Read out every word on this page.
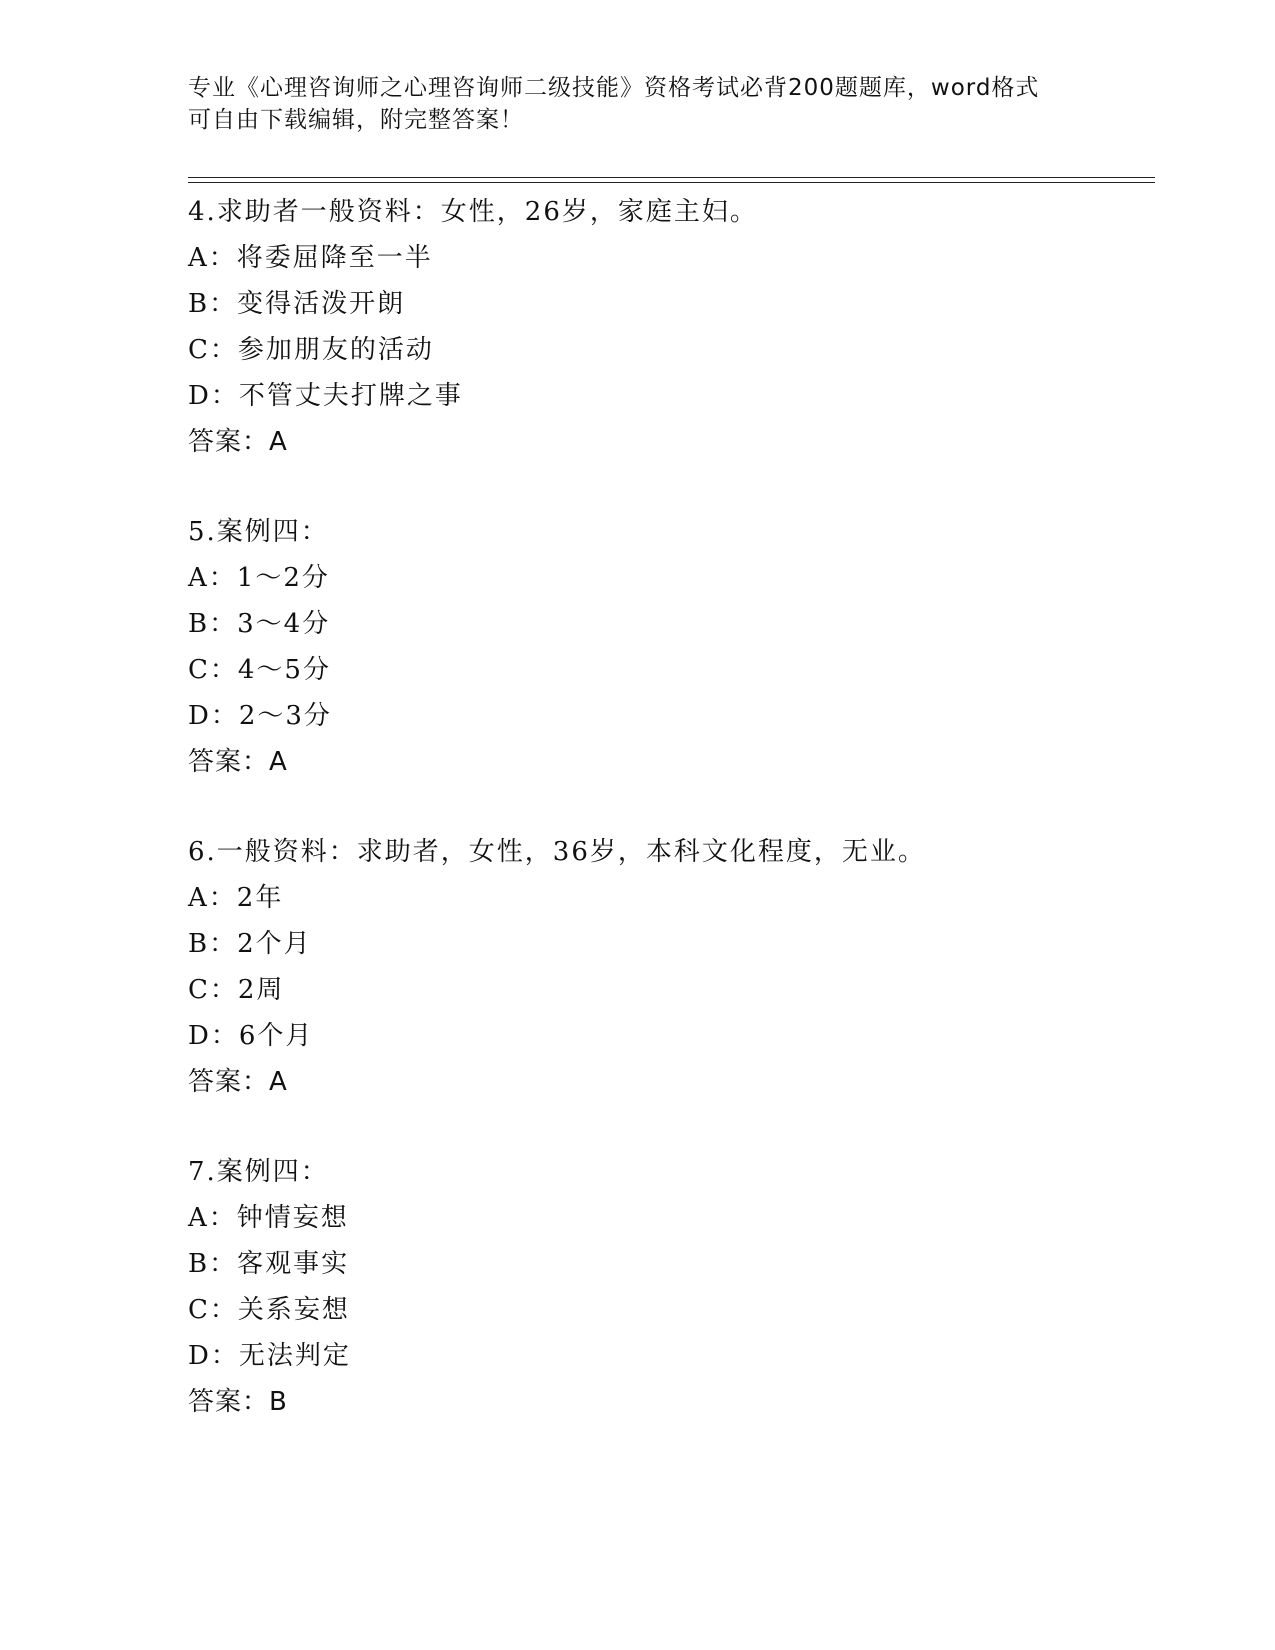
专业《心理咨询师之心理咨询师二级技能》资格考试必背200题题库，word格式
可自由下载编辑，附完整答案！
4.求助者一般资料：女性，26岁，家庭主妇。
A：将委屈降至一半
B：变得活泼开朗
C：参加朋友的活动
D：不管丈夫打牌之事
答案：A
5.案例四：
A：1～2分
B：3～4分
C：4～5分
D：2～3分
答案：A
6.一般资料：求助者，女性，36岁，本科文化程度，无业。
A：2年
B：2个月
C：2周
D：6个月
答案：A
7.案例四：
A：钟情妄想
B：客观事实
C：关系妄想
D：无法判定
答案：B
